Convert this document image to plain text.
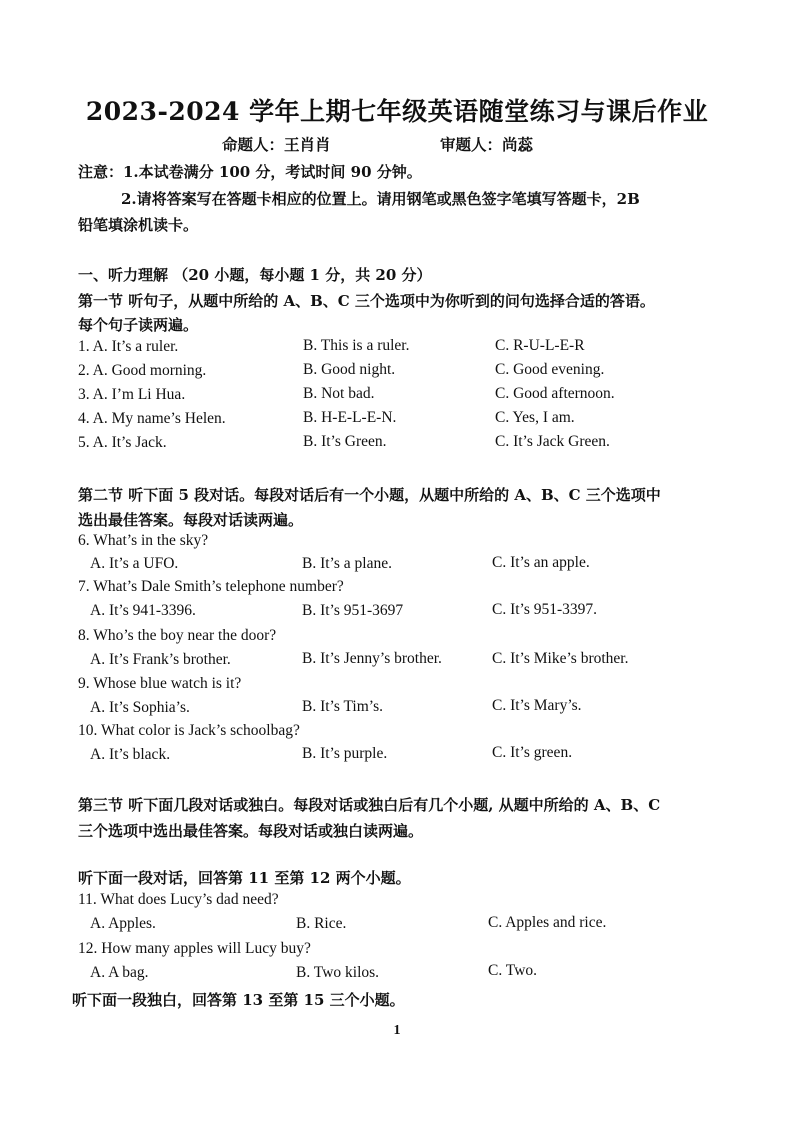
2023-2024 学年上期七年级英语随堂练习与课后作业
命题人：王肖肖	审题人：尚蕊
注意：1.本试卷满分 100 分，考试时间 90 分钟。
2.请将答案写在答题卡相应的位置上。请用钢笔或黑色签字笔填写答题卡，2B
铅笔填涂机读卡。
一、听力理解 （20 小题，每小题 1 分，共 20 分）
第一节 听句子，从题中所给的 A、B、C 三个选项中为你听到的问句选择合适的答语。
每个句子读两遍。
1. A. It’s a ruler.	B. This is a ruler.	C. R-U-L-E-R
2. A. Good morning.	B. Good night.	C. Good evening.
3. A. I’m Li Hua.	B. Not bad.	C. Good afternoon.
4. A. My name’s Helen.	B. H-E-L-E-N.	C. Yes, I am.
5. A. It’s Jack.	B. It’s Green.	C. It’s Jack Green.
第二节 听下面 5 段对话。每段对话后有一个小题，从题中所给的 A、B、C 三个选项中
选出最佳答案。每段对话读两遍。
6. What’s in the sky?
A. It’s a UFO.	B. It’s a plane.	C. It’s an apple.
7. What’s Dale Smith’s telephone number?
A. It’s 941-3396.	B. It’s 951-3697	C. It’s 951-3397.
8. Who’s the boy near the door?
A. It’s Frank’s brother.	B. It’s Jenny’s brother.	C. It’s Mike’s brother.
9. Whose blue watch is it?
A. It’s Sophia’s.	B. It’s Tim’s.	C. It’s Mary’s.
10. What color is Jack’s schoolbag?
A. It’s black.	B. It’s purple.	C. It’s green.
第三节 听下面几段对话或独白。每段对话或独白后有几个小题, 从题中所给的 A、B、C
三个选项中选出最佳答案。每段对话或独白读两遍。
听下面一段对话，回答第 11 至第 12 两个小题。
11. What does Lucy’s dad need?
A. Apples.	B. Rice.	C. Apples and rice.
12. How many apples will Lucy buy?
A. A bag.	B. Two kilos.	C. Two.
听下面一段独白，回答第 13 至第 15 三个小题。
1
